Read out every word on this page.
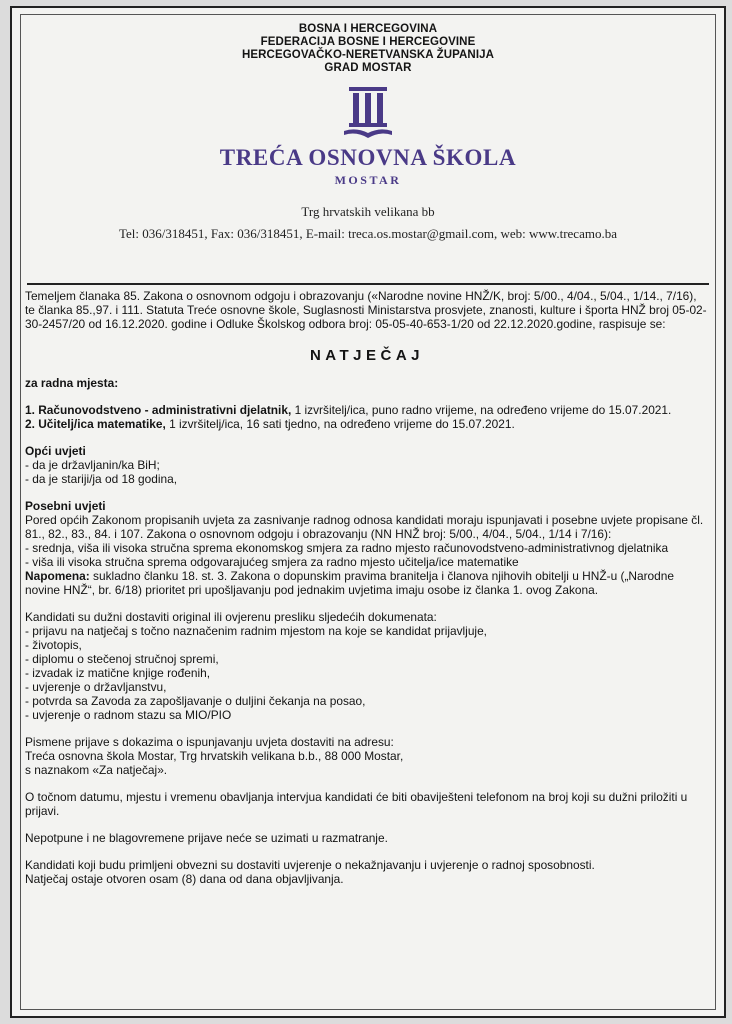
BOSNA I HERCEGOVINA
FEDERACIJA BOSNE I HERCEGOVINE
HERCEGOVAČKO-NERETVANSKA ŽUPANIJA
GRAD MOSTAR
TREĆA OSNOVNA ŠKOLA
MOSTAR
Trg hrvatskih velikana bb
Tel: 036/318451, Fax: 036/318451, E-mail: treca.os.mostar@gmail.com, web: www.trecamo.ba

Temeljem članaka 85. Zakona o osnovnom odgoju i obrazovanju («Narodne novine HNŽ/K, broj: 5/00., 4/04., 5/04., 1/14., 7/16), te članka 85.,97. i 111. Statuta Treće osnovne škole, Suglasnosti Ministarstva prosvjete, znanosti, kulture i športa HNŽ broj 05-02-30-2457/20 od 16.12.2020. godine i Odluke Školskog odbora broj: 05-05-40-653-1/20 od 22.12.2020.godine, raspisuje se:

NATJEČAJ

za radna mjesta:

1. Računovodstveno - administrativni djelatnik, 1 izvršitelj/ica, puno radno vrijeme, na određeno vrijeme do 15.07.2021.

2. Učitelj/ica matematike, 1 izvršitelj/ica, 16 sati tjedno, na određeno vrijeme do 15.07.2021.

Opći uvjeti

- da je državljanin/ka BiH;

- da je stariji/ja od 18 godina,

Posebni uvjeti

Pored općih Zakonom propisanih uvjeta za zasnivanje radnog odnosa kandidati moraju ispunjavati i posebne uvjete propisane čl. 81., 82., 83., 84. i 107. Zakona o osnovnom odgoju i obrazovanju (NN HNŽ broj: 5/00., 4/04., 5/04., 1/14 i 7/16):

- srednja, viša ili visoka stručna sprema ekonomskog smjera za radno mjesto računovodstveno-administrativnog djelatnika

- viša ili visoka stručna sprema odgovarajućeg smjera za radno mjesto učitelja/ice matematike

Napomena: sukladno članku 18. st. 3. Zakona o dopunskim pravima branitelja i članova njihovih obitelji u HNŽ-u („Narodne novine HNŽ“, br. 6/18) prioritet pri upošljavanju pod jednakim uvjetima imaju osobe iz članka 1. ovog Zakona.

Kandidati su dužni dostaviti original ili ovjerenu presliku sljedećih dokumenata:

- prijavu na natječaj s točno naznačenim radnim mjestom na koje se kandidat prijavljuje,

- životopis,

- diplomu o stečenoj stručnoj spremi,

- izvadak iz matične knjige rođenih,

- uvjerenje o državljanstvu,

- potvrda sa Zavoda za zapošljavanje o duljini čekanja na posao,

- uvjerenje o radnom stazu sa MIO/PIO

Pismene prijave s dokazima o ispunjavanju uvjeta dostaviti na adresu:

Treća osnovna škola Mostar, Trg hrvatskih velikana b.b., 88 000 Mostar,

s naznakom «Za natječaj».

O točnom datumu, mjestu i vremenu obavljanja intervjua kandidati će biti obaviješteni telefonom na broj koji su dužni priložiti u prijavi.

Nepotpune i ne blagovremene prijave neće se uzimati u razmatranje.

Kandidati koji budu primljeni obvezni su dostaviti uvjerenje o nekažnjavanju i uvjerenje o radnoj sposobnosti.

Natječaj ostaje otvoren osam (8) dana od dana objavljivanja.
